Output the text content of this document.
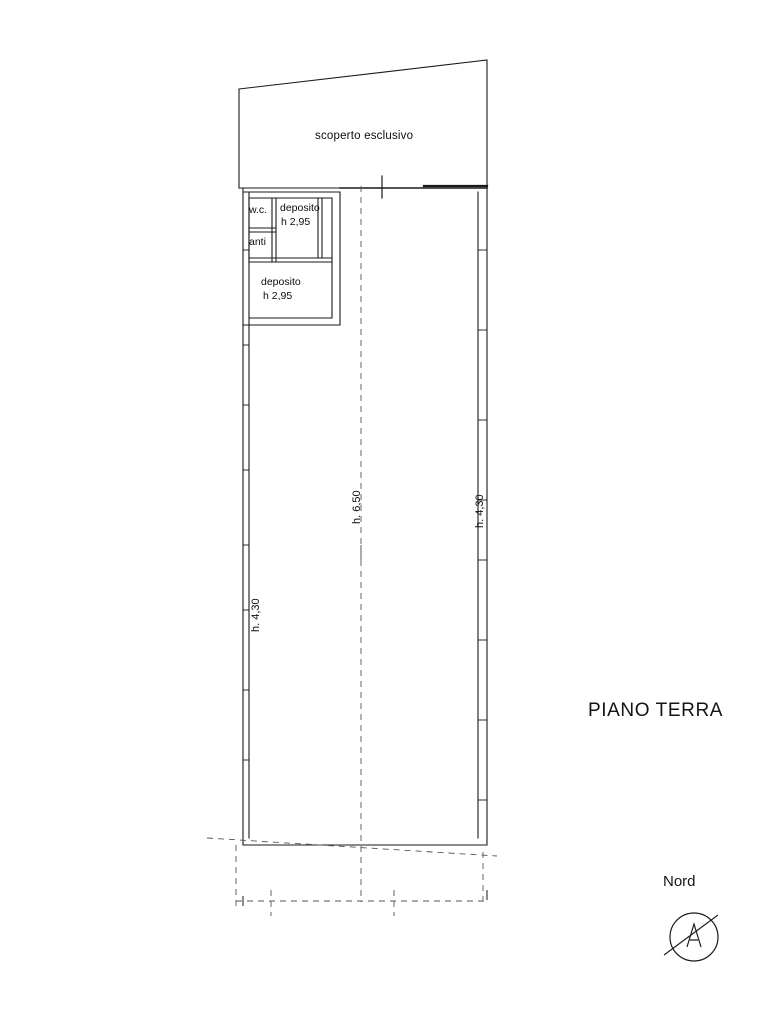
scoperto esclusivo
w.c.
anti
deposito
h 2,95
deposito
h 2,95
h. 4,30
h. 6,50	h. 4,30
PIANO TERRA
Nord
